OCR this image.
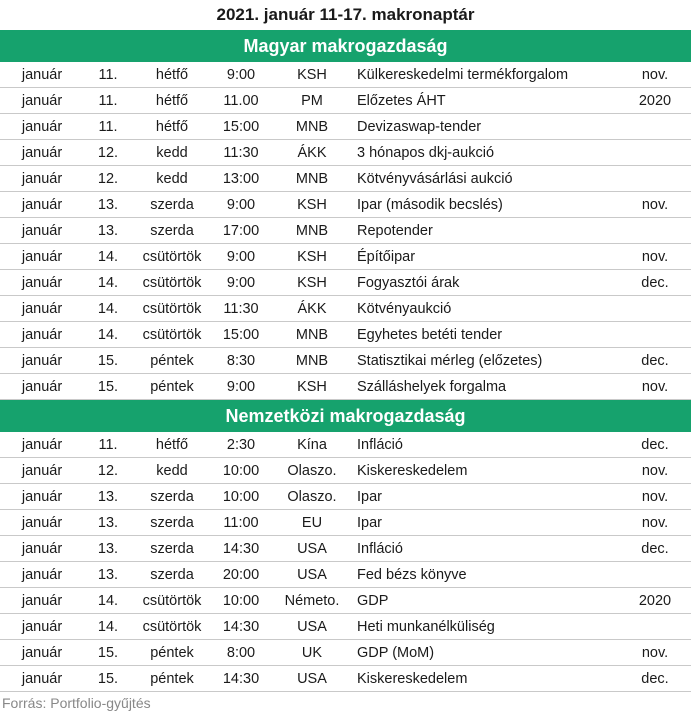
2021. január 11-17. makronaptár
Magyar makrogazdaság
január	11.	hétfő	9:00	KSH	Külkereskedelmi termékforgalom	nov.
január	11.	hétfő	11.00	PM	Előzetes ÁHT	2020
január	11.	hétfő	15:00	MNB	Devizaswap-tender
január	12.	kedd	11:30	ÁKK	3 hónapos dkj-aukció
január	12.	kedd	13:00	MNB	Kötvényvásárlási aukció
január	13.	szerda	9:00	KSH	Ipar (második becslés)	nov.
január	13.	szerda	17:00	MNB	Repotender
január	14.	csütörtök	9:00	KSH	Építőipar	nov.
január	14.	csütörtök	9:00	KSH	Fogyasztói árak	dec.
január	14.	csütörtök	11:30	ÁKK	Kötvényaukció
január	14.	csütörtök	15:00	MNB	Egyhetes betéti tender
január	15.	péntek	8:30	MNB	Statisztikai mérleg (előzetes)	dec.
január	15.	péntek	9:00	KSH	Szálláshelyek forgalma	nov.
Nemzetközi makrogazdaság
január	11.	hétfő	2:30	Kína	Infláció	dec.
január	12.	kedd	10:00	Olaszo.	Kiskereskedelem	nov.
január	13.	szerda	10:00	Olaszo.	Ipar	nov.
január	13.	szerda	11:00	EU	Ipar	nov.
január	13.	szerda	14:30	USA	Infláció	dec.
január	13.	szerda	20:00	USA	Fed bézs könyve
január	14.	csütörtök	10:00	Németo.	GDP	2020
január	14.	csütörtök	14:30	USA	Heti munkanélküliség
január	15.	péntek	8:00	UK	GDP (MoM)	nov.
január	15.	péntek	14:30	USA	Kiskereskedelem	dec.
Forrás: Portfolio-gyűjtés
